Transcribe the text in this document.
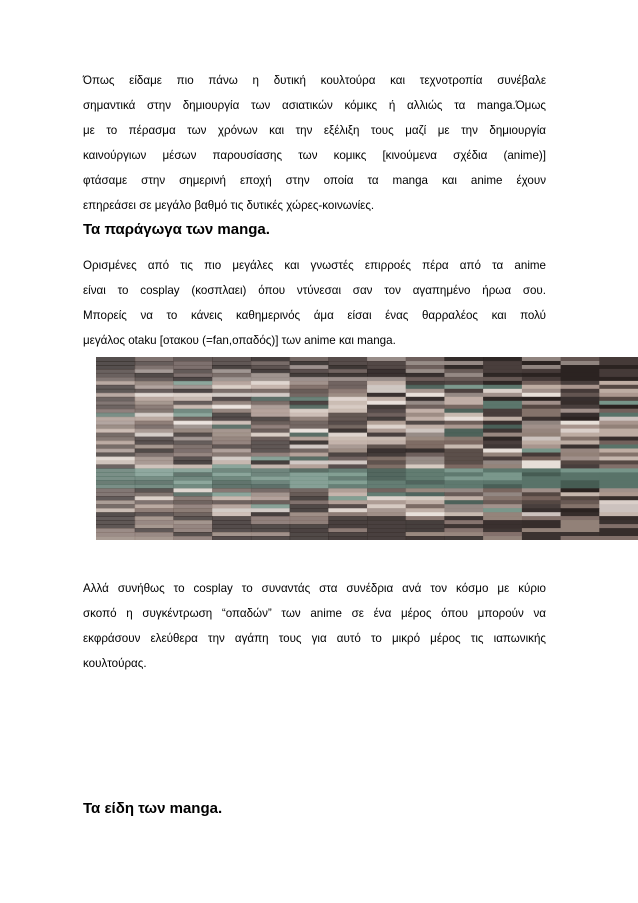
Όπως είδαμε πιο πάνω η δυτική κουλτούρα και τεχνοτροπία συνέβαλε
σημαντικά στην δημιουργία των ασιατικών κόμικς ή αλλιώς τα manga.Όμως
με το πέρασμα των χρόνων και την εξέλιξη τους μαζί με την δημιουργία
καινούργιων μέσων παρουσίασης των κομικς [κινούμενα σχέδια (anime)]
φτάσαμε στην σημερινή εποχή στην οποία τα manga και anime έχουν
επηρεάσει σε μεγάλο βαθμό τις δυτικές χώρες-κοινωνίες.
Τα παράγωγα των manga.
Ορισμένες από τις πιο μεγάλες και γνωστές επιρροές πέρα από τα anime
είναι το cosplay (κοσπλαει) όπου ντύνεσαι σαν τον αγαπημένο ήρωα σου.
Μπορείς να το κάνεις καθημερινός άμα είσαι ένας θαρραλέος και πολύ
μεγάλος otaku [οτακου (=fan,οπαδός)] των anime και manga.
Αλλά συνήθως το cosplay το συναντάς στα συνέδρια ανά τον κόσμο με κύριο
σκοπό η συγκέντρωση “οπαδών” των anime σε ένα μέρος όπου μπορούν να
εκφράσουν ελεύθερα την αγάπη τους για αυτό το μικρό μέρος τις ιαπωνικής
κουλτούρας.
Τα είδη των manga.
